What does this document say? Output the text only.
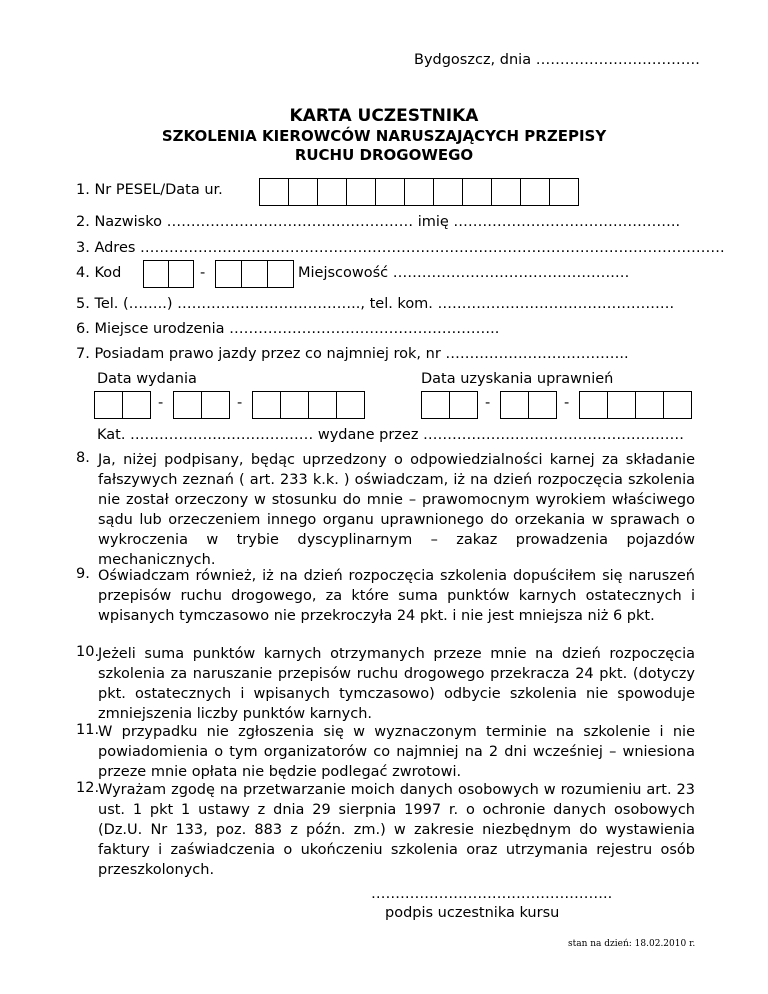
Bydgoszcz, dnia …………………………….
KARTA UCZESTNIKA
SZKOLENIA KIEROWCÓW NARUSZAJĄCYCH PRZEPISY
RUCHU DROGOWEGO
1. Nr PESEL/Data ur.
2. Nazwisko …………………………………………… imię ………………………………………..
3. Adres ………………………………………………………………………………………………………….
4. Kod	-	Miejscowość ……………………………………….…
5. Tel. (……..) ……………………………….., tel. kom. ………………………………………….
6. Miejsce urodzenia ………………………………………………..
7. Posiadam prawo jazdy przez co najmniej rok, nr ………………………………..
Data wydania	Data uzyskania uprawnień
-	-	-	-
Kat. ………………..……………… wydane przez ………………………………………………
8. Ja, niżej podpisany, będąc uprzedzony o odpowiedzialności karnej za składanie fałszywych zeznań ( art. 233 k.k. ) oświadczam, iż na dzień rozpoczęcia szkolenia nie został orzeczony w stosunku do mnie – prawomocnym wyrokiem właściwego sądu lub orzeczeniem innego organu uprawnionego do orzekania w sprawach o wykroczenia w trybie dyscyplinarnym – zakaz prowadzenia pojazdów mechanicznych.
9. Oświadczam również, iż na dzień rozpoczęcia szkolenia dopuściłem się naruszeń przepisów ruchu drogowego, za które suma punktów karnych ostatecznych i wpisanych tymczasowo nie przekroczyła 24 pkt. i nie jest mniejsza niż 6 pkt.
10.
Jeżeli suma punktów karnych otrzymanych przeze mnie na dzień rozpoczęcia szkolenia za naruszanie przepisów ruchu drogowego przekracza 24 pkt. (dotyczy pkt. ostatecznych i wpisanych tymczasowo) odbycie szkolenia nie spowoduje zmniejszenia liczby punktów karnych.
11.
W przypadku nie zgłoszenia się w wyznaczonym terminie na szkolenie i nie powiadomienia o tym organizatorów co najmniej na 2 dni wcześniej – wniesiona przeze mnie opłata nie będzie podlegać zwrotowi.
12.
Wyrażam zgodę na przetwarzanie moich danych osobowych w rozumieniu art. 23 ust. 1 pkt 1 ustawy z dnia 29 sierpnia 1997 r. o ochronie danych osobowych (Dz.U. Nr 133, poz. 883 z późn. zm.) w zakresie niezbędnym do wystawienia faktury i zaświadczenia o ukończeniu szkolenia oraz utrzymania rejestru osób przeszkolonych.
…………………………………………..
podpis uczestnika kursu
stan na dzień: 18.02.2010 r.
